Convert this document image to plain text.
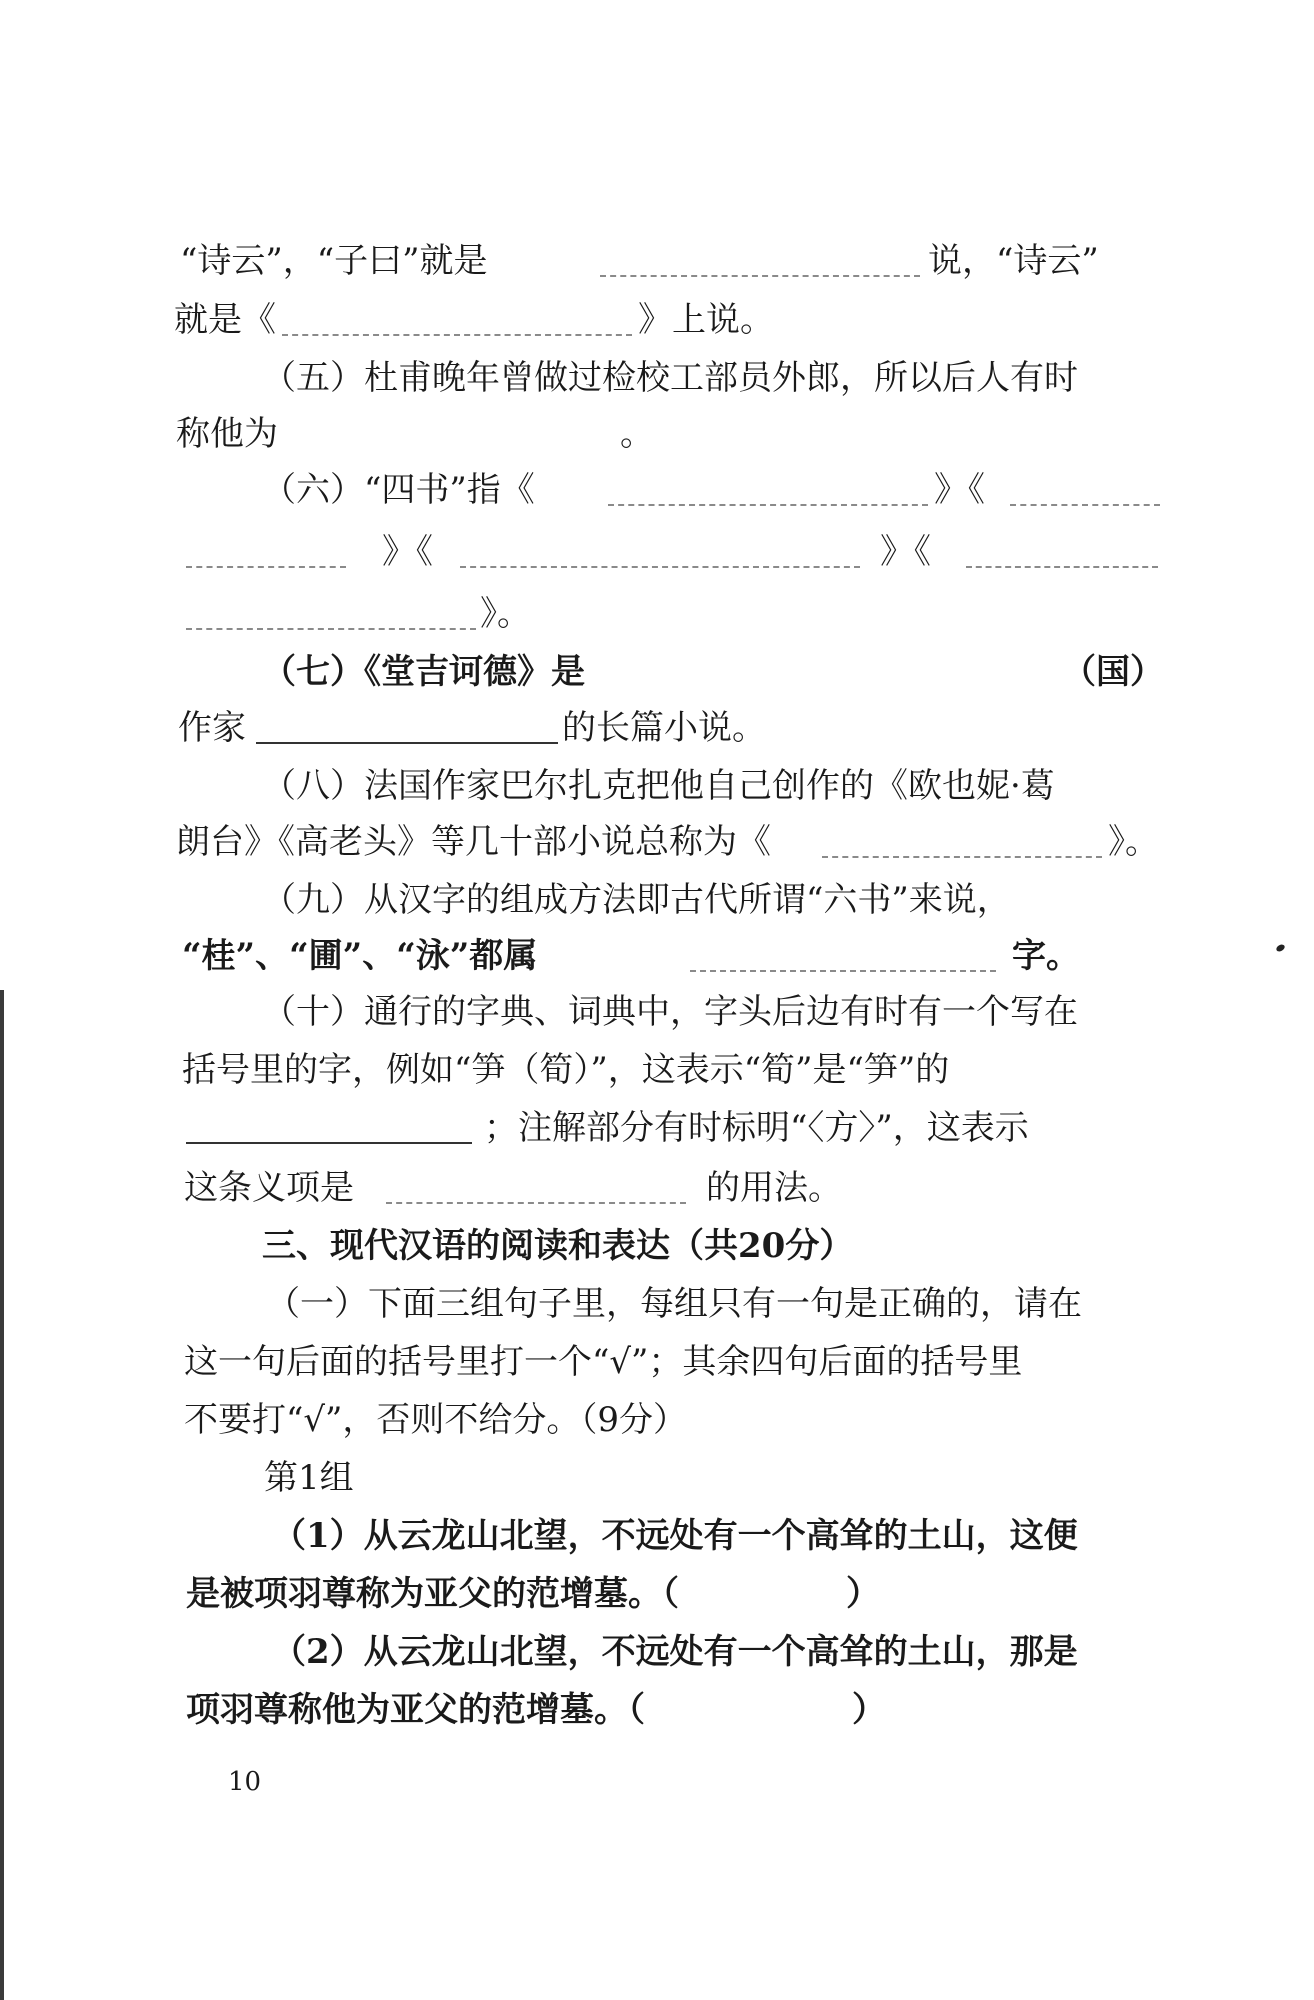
“诗云”，“子曰”就是	说，“诗云”
就是《	》上说。
（五）杜甫晚年曾做过检校工部员外郎，所以后人有时
称他为	。
（六）“四书”指《	》《
》《	》《
》。
（七）《堂吉诃德》是	（国）
作家	的长篇小说。
（八）法国作家巴尔扎克把他自己创作的《欧也妮·葛
朗台》《高老头》等几十部小说总称为《	》。
（九）从汉字的组成方法即古代所谓“六书”来说，
“桂”、“圃”、“泳”都属	字。
（十）通行的字典、词典中，字头后边有时有一个写在
括号里的字，例如“笋（筍）”，这表示“筍”是“笋”的
；注解部分有时标明“〈方〉”，这表示
这条义项是	的用法。
三、现代汉语的阅读和表达（共20分）
（一）下面三组句子里，每组只有一句是正确的，请在
这一句后面的括号里打一个“√”；其余四句后面的括号里
不要打“√”，否则不给分。（9分）
第1组
（1）从云龙山北望，不远处有一个高耸的土山，这便
是被项羽尊称为亚父的范增墓。（	）
（2）从云龙山北望，不远处有一个高耸的土山，那是
项羽尊称他为亚父的范增墓。（	）
10
